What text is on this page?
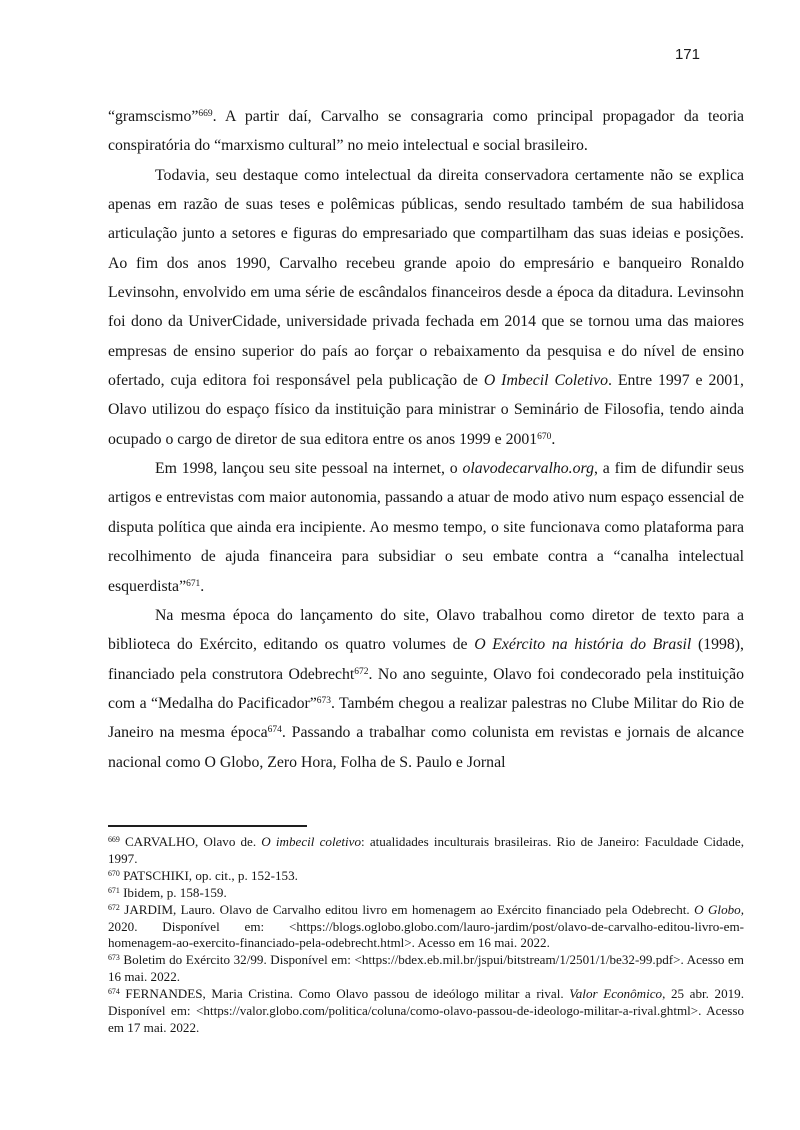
171

“gramscismo”$^{669}$. A partir daí, Carvalho se consagraria como principal propagador da teoria conspiratória do “marxismo cultural” no meio intelectual e social brasileiro.

Todavia, seu destaque como intelectual da direita conservadora certamente não se explica apenas em razão de suas teses e polêmicas públicas, sendo resultado também de sua habilidosa articulação junto a setores e figuras do empresariado que compartilham das suas ideias e posições. Ao fim dos anos 1990, Carvalho recebeu grande apoio do empresário e banqueiro Ronaldo Levinsohn, envolvido em uma série de escândalos financeiros desde a época da ditadura. Levinsohn foi dono da UniverCidade, universidade privada fechada em 2014 que se tornou uma das maiores empresas de ensino superior do país ao forçar o rebaixamento da pesquisa e do nível de ensino ofertado, cuja editora foi responsável pela publicação de O Imbecil Coletivo. Entre 1997 e 2001, Olavo utilizou do espaço físico da instituição para ministrar o Seminário de Filosofia, tendo ainda ocupado o cargo de diretor de sua editora entre os anos 1999 e 2001$^{670}$.

Em 1998, lançou seu site pessoal na internet, o olavodecarvalho.org, a fim de difundir seus artigos e entrevistas com maior autonomia, passando a atuar de modo ativo num espaço essencial de disputa política que ainda era incipiente. Ao mesmo tempo, o site funcionava como plataforma para recolhimento de ajuda financeira para subsidiar o seu embate contra a “canalha intelectual esquerdista”$^{671}$.

Na mesma época do lançamento do site, Olavo trabalhou como diretor de texto para a biblioteca do Exército, editando os quatro volumes de O Exército na história do Brasil (1998), financiado pela construtora Odebrecht$^{672}$. No ano seguinte, Olavo foi condecorado pela instituição com a “Medalha do Pacificador”$^{673}$. Também chegou a realizar palestras no Clube Militar do Rio de Janeiro na mesma época$^{674}$. Passando a trabalhar como colunista em revistas e jornais de alcance nacional como O Globo, Zero Hora, Folha de S. Paulo e Jornal

$^{669}$ CARVALHO, Olavo de. O imbecil coletivo: atualidades inculturais brasileiras. Rio de Janeiro: Faculdade Cidade, 1997.

$^{670}$ PATSCHIKI, op. cit., p. 152-153.

$^{671}$ Ibidem, p. 158-159.

$^{672}$ JARDIM, Lauro. Olavo de Carvalho editou livro em homenagem ao Exército financiado pela Odebrecht. O Globo, 2020. Disponível em: <https://blogs.oglobo.globo.com/lauro-jardim/post/olavo-de-carvalho-editou-livro-em-homenagem-ao-exercito-financiado-pela-odebrecht.html>. Acesso em 16 mai. 2022.

$^{673}$ Boletim do Exército 32/99. Disponível em: <https://bdex.eb.mil.br/jspui/bitstream/1/2501/1/be32-99.pdf>. Acesso em 16 mai. 2022.

$^{674}$ FERNANDES, Maria Cristina. Como Olavo passou de ideólogo militar a rival. Valor Econômico, 25 abr. 2019. Disponível em: <https://valor.globo.com/politica/coluna/como-olavo-passou-de-ideologo-militar-a-rival.ghtml>. Acesso em 17 mai. 2022.
